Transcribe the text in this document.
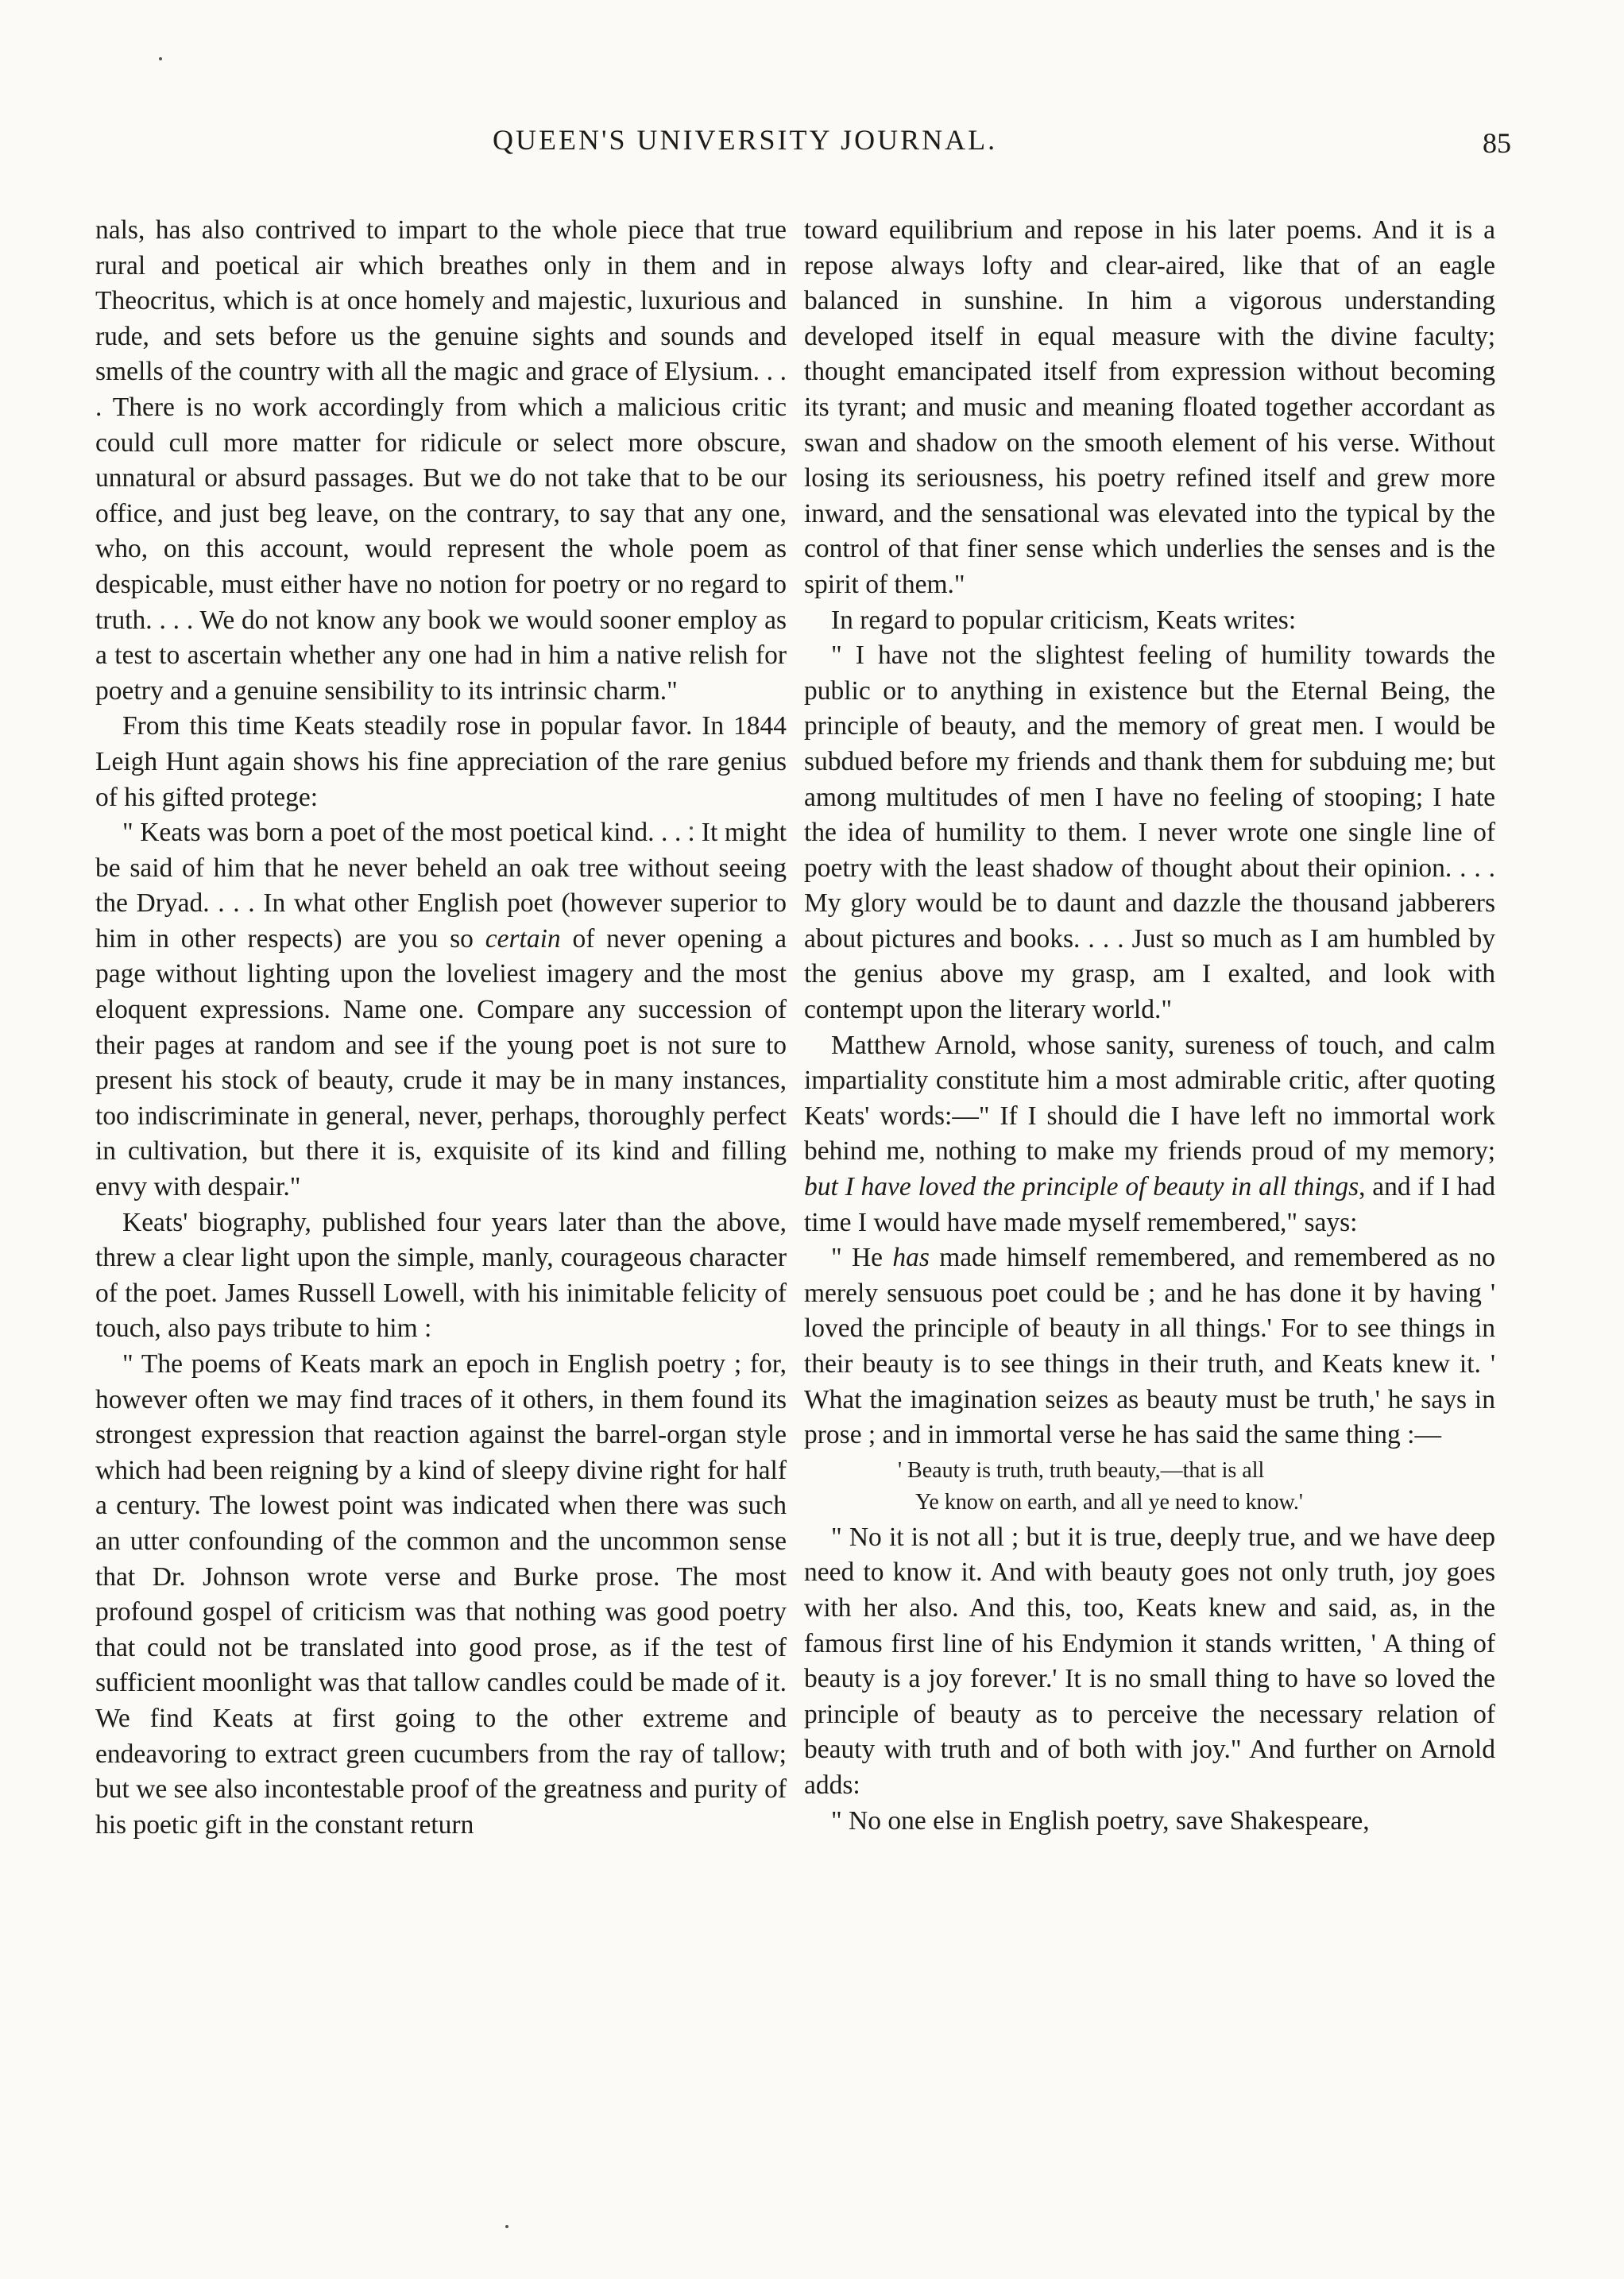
QUEEN'S UNIVERSITY JOURNAL.	85

nals, has also contrived to impart to the whole piece that true rural and poetical air which breathes only in them and in Theocritus, which is at once homely and majestic, luxurious and rude, and sets before us the genuine sights and sounds and smells of the country with all the magic and grace of Elysium. . . . There is no work accordingly from which a malicious critic could cull more matter for ridicule or select more obscure, unnatural or absurd passages. But we do not take that to be our office, and just beg leave, on the contrary, to say that any one, who, on this account, would represent the whole poem as despicable, must either have no notion for poetry or no regard to truth. . . . We do not know any book we would sooner employ as a test to ascertain whether any one had in him a native relish for poetry and a genuine sensibility to its intrinsic charm."

From this time Keats steadily rose in popular favor. In 1844 Leigh Hunt again shows his fine appreciation of the rare genius of his gifted protege:

" Keats was born a poet of the most poetical kind. . . . It might be said of him that he never beheld an oak tree without seeing the Dryad. . . . In what other English poet (however superior to him in other respects) are you so certain of never opening a page without lighting upon the loveliest imagery and the most eloquent expressions. Name one. Compare any succession of their pages at random and see if the young poet is not sure to present his stock of beauty, crude it may be in many instances, too indiscriminate in general, never, perhaps, thoroughly perfect in cultivation, but there it is, exquisite of its kind and filling envy with despair."

Keats' biography, published four years later than the above, threw a clear light upon the simple, manly, courageous character of the poet. James Russell Lowell, with his inimitable felicity of touch, also pays tribute to him :

" The poems of Keats mark an epoch in English poetry ; for, however often we may find traces of it others, in them found its strongest expression that reaction against the barrel-organ style which had been reigning by a kind of sleepy divine right for half a century. The lowest point was indicated when there was such an utter confounding of the common and the uncommon sense that Dr. Johnson wrote verse and Burke prose. The most profound gospel of criticism was that nothing was good poetry that could not be translated into good prose, as if the test of sufficient moonlight was that tallow candles could be made of it. We find Keats at first going to the other extreme and endeavoring to extract green cucumbers from the ray of tallow; but we see also incontestable proof of the greatness and purity of his poetic gift in the constant return

toward equilibrium and repose in his later poems. And it is a repose always lofty and clear-aired, like that of an eagle balanced in sunshine. In him a vigorous understanding developed itself in equal measure with the divine faculty; thought emancipated itself from expression without becoming its tyrant; and music and meaning floated together accordant as swan and shadow on the smooth element of his verse. Without losing its seriousness, his poetry refined itself and grew more inward, and the sensational was elevated into the typical by the control of that finer sense which underlies the senses and is the spirit of them."

In regard to popular criticism, Keats writes:

" I have not the slightest feeling of humility towards the public or to anything in existence but the Eternal Being, the principle of beauty, and the memory of great men. I would be subdued before my friends and thank them for subduing me; but among multitudes of men I have no feeling of stooping; I hate the idea of humility to them. I never wrote one single line of poetry with the least shadow of thought about their opinion. . . . My glory would be to daunt and dazzle the thousand jabberers about pictures and books. . . . Just so much as I am humbled by the genius above my grasp, am I exalted, and look with contempt upon the literary world."

Matthew Arnold, whose sanity, sureness of touch, and calm impartiality constitute him a most admirable critic, after quoting Keats' words:—" If I should die I have left no immortal work behind me, nothing to make my friends proud of my memory; but I have loved the principle of beauty in all things, and if I had time I would have made myself remembered," says:

" He has made himself remembered, and remembered as no merely sensuous poet could be ; and he has done it by having ' loved the principle of beauty in all things.' For to see things in their beauty is to see things in their truth, and Keats knew it. ' What the imagination seizes as beauty must be truth,' he says in prose ; and in immortal verse he has said the same thing :—

' Beauty is truth, truth beauty,—that is all
Ye know on earth, and all ye need to know.'

" No it is not all ; but it is true, deeply true, and we have deep need to know it. And with beauty goes not only truth, joy goes with her also. And this, too, Keats knew and said, as, in the famous first line of his Endymion it stands written, ' A thing of beauty is a joy forever.' It is no small thing to have so loved the principle of beauty as to perceive the necessary relation of beauty with truth and of both with joy." And further on Arnold adds:

" No one else in English poetry, save Shakespeare,
